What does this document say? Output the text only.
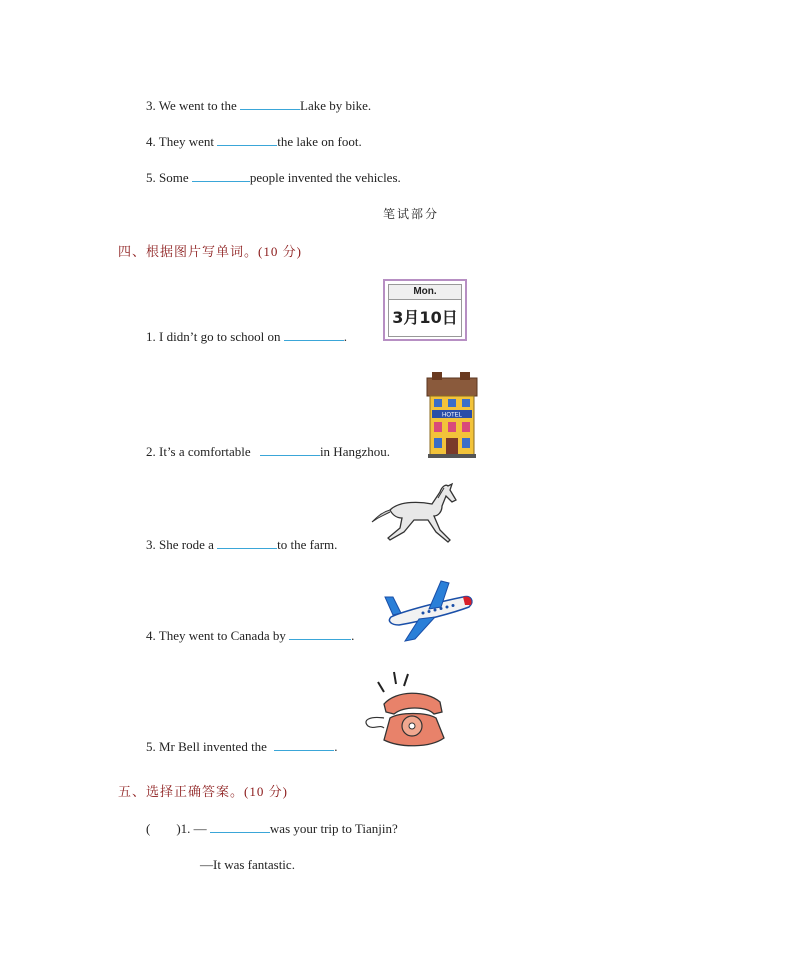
3. We went to the	Lake by bike.
4. They went	the lake on foot.
5. Some	people invented the vehicles.
笔试部分
四、根据图片写单词。(10 分)
Mon.
3月10日
1. I didn’t go to school on	.
HOTEL
2. It’s a comfortable	in Hangzhou.
3. She rode a	to the farm.
4. They went to Canada by	.
5. Mr Bell invented the	.
五、选择正确答案。(10 分)
(        )1. —	was your trip to Tianjin?
—It was fantastic.
